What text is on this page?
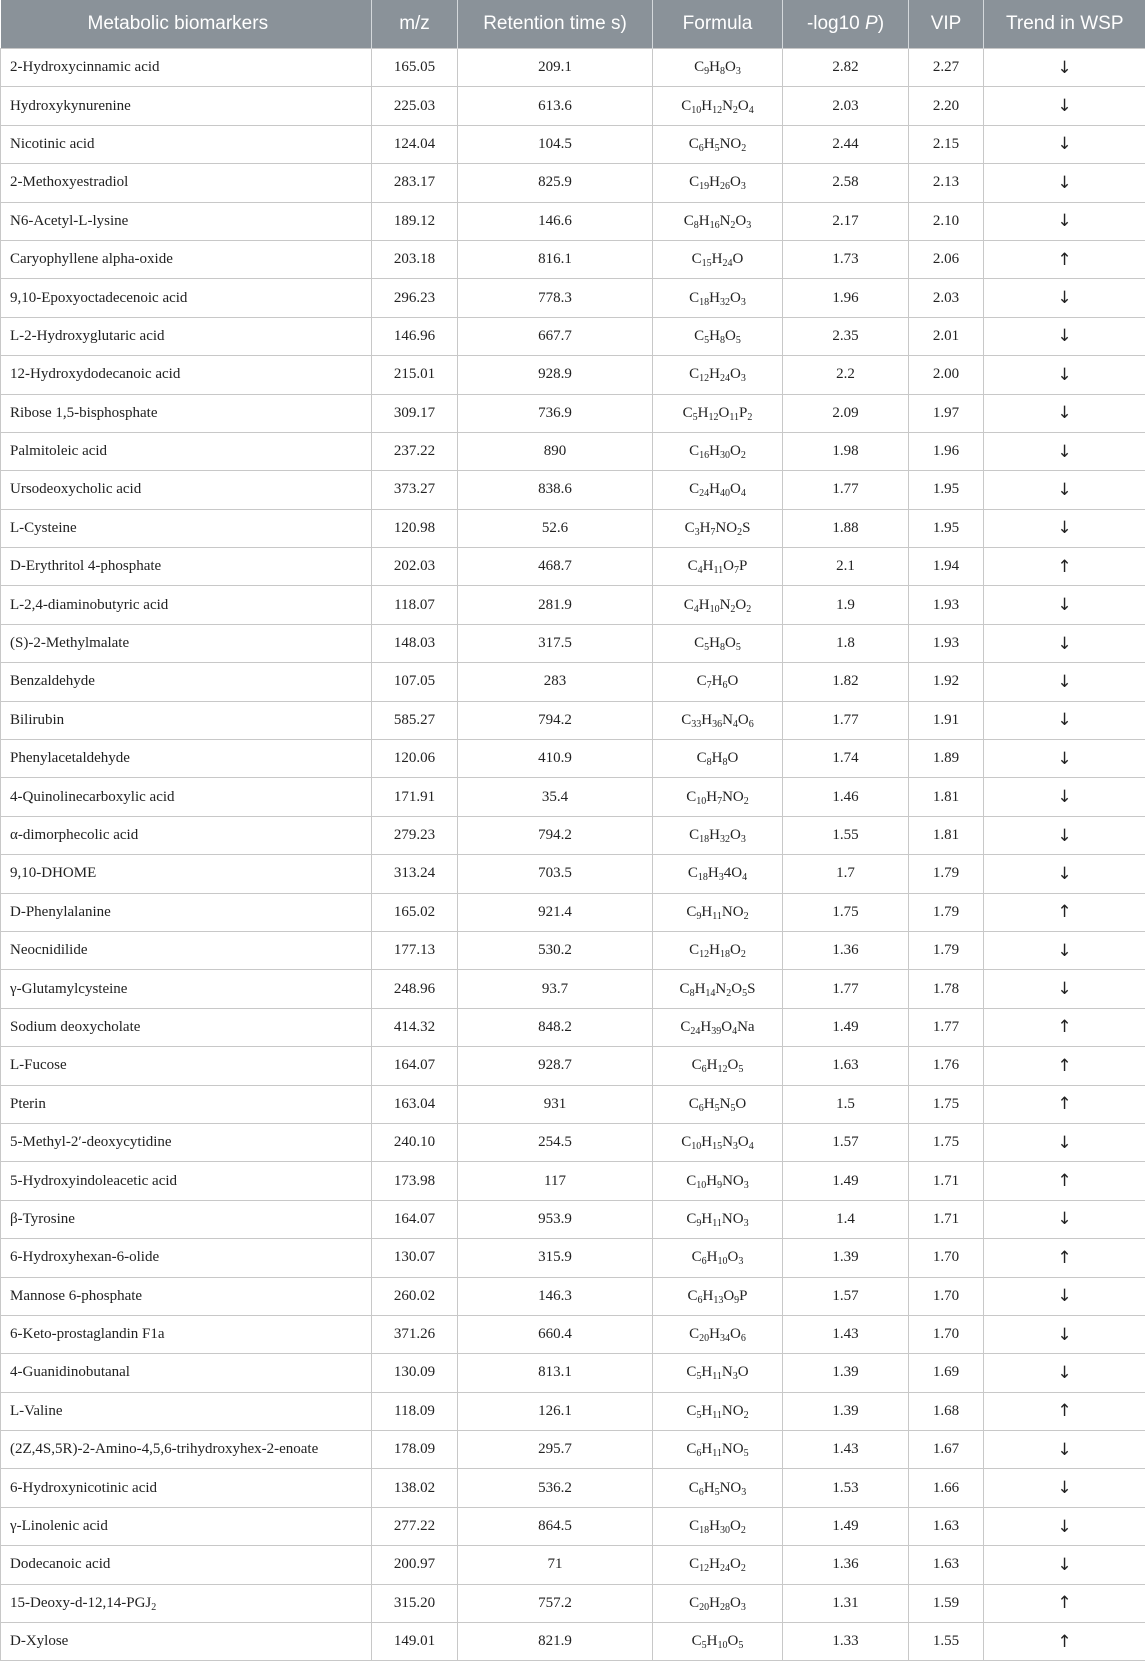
Metabolic biomarkers	m/z	Retention time s)	Formula	-log10 P)	VIP	Trend in WSP
2-Hydroxycinnamic acid	165.05	209.1	$C_9H_8O_3$	2.82	2.27	↓
Hydroxykynurenine	225.03	613.6	$C_{10}H_{12}N_2O_4$	2.03	2.20	↓
Nicotinic acid	124.04	104.5	$C_6H_5NO_2$	2.44	2.15	↓
2-Methoxyestradiol	283.17	825.9	$C_{19}H_{26}O_3$	2.58	2.13	↓
N6-Acetyl-L-lysine	189.12	146.6	$C_8H_{16}N_2O_3$	2.17	2.10	↓
Caryophyllene alpha-oxide	203.18	816.1	$C_{15}H_{24}O$	1.73	2.06	↑
9,10-Epoxyoctadecenoic acid	296.23	778.3	$C_{18}H_{32}O_3$	1.96	2.03	↓
L-2-Hydroxyglutaric acid	146.96	667.7	$C_5H_8O_5$	2.35	2.01	↓
12-Hydroxydodecanoic acid	215.01	928.9	$C_{12}H_{24}O_3$	2.2	2.00	↓
Ribose 1,5-bisphosphate	309.17	736.9	$C_5H_{12}O_{11}P_2$	2.09	1.97	↓
Palmitoleic acid	237.22	890	$C_{16}H_{30}O_2$	1.98	1.96	↓
Ursodeoxycholic acid	373.27	838.6	$C_{24}H_{40}O_4$	1.77	1.95	↓
L-Cysteine	120.98	52.6	$C_3H_7NO_2S$	1.88	1.95	↓
D-Erythritol 4-phosphate	202.03	468.7	$C_4H_{11}O_7P$	2.1	1.94	↑
L-2,4-diaminobutyric acid	118.07	281.9	$C_4H_{10}N_2O_2$	1.9	1.93	↓
(S)-2-Methylmalate	148.03	317.5	$C_5H_8O_5$	1.8	1.93	↓
Benzaldehyde	107.05	283	$C_7H_6O$	1.82	1.92	↓
Bilirubin	585.27	794.2	$C_{33}H_{36}N_4O_6$	1.77	1.91	↓
Phenylacetaldehyde	120.06	410.9	$C_8H_8O$	1.74	1.89	↓
4-Quinolinecarboxylic acid	171.91	35.4	$C_{10}H_7NO_2$	1.46	1.81	↓
α-dimorphecolic acid	279.23	794.2	$C_{18}H_{32}O_3$	1.55	1.81	↓
9,10-DHOME	313.24	703.5	$C_{18}H_34O_4$	1.7	1.79	↓
D-Phenylalanine	165.02	921.4	$C_9H_{11}NO_2$	1.75	1.79	↑
Neocnidilide	177.13	530.2	$C_{12}H_{18}O_2$	1.36	1.79	↓
γ-Glutamylcysteine	248.96	93.7	$C_8H_{14}N_2O_5S$	1.77	1.78	↓
Sodium deoxycholate	414.32	848.2	$C_{24}H_{39}O_4Na$	1.49	1.77	↑
L-Fucose	164.07	928.7	$C_6H_{12}O_5$	1.63	1.76	↑
Pterin	163.04	931	$C_6H_5N_5O$	1.5	1.75	↑
5-Methyl-2′-deoxycytidine	240.10	254.5	$C_{10}H_{15}N_3O_4$	1.57	1.75	↓
5-Hydroxyindoleacetic acid	173.98	117	$C_{10}H_9NO_3$	1.49	1.71	↑
β-Tyrosine	164.07	953.9	$C_9H_{11}NO_3$	1.4	1.71	↓
6-Hydroxyhexan-6-olide	130.07	315.9	$C_6H_{10}O_3$	1.39	1.70	↑
Mannose 6-phosphate	260.02	146.3	$C_6H_{13}O_9P$	1.57	1.70	↓
6-Keto-prostaglandin F1a	371.26	660.4	$C_{20}H_{34}O_6$	1.43	1.70	↓
4-Guanidinobutanal	130.09	813.1	$C_5H_{11}N_3O$	1.39	1.69	↓
L-Valine	118.09	126.1	$C_5H_{11}NO_2$	1.39	1.68	↑
(2Z,4S,5R)-2-Amino-4,5,6-trihydroxyhex-2-enoate	178.09	295.7	$C_6H_{11}NO_5$	1.43	1.67	↓
6-Hydroxynicotinic acid	138.02	536.2	$C_6H_5NO_3$	1.53	1.66	↓
γ-Linolenic acid	277.22	864.5	$C_{18}H_{30}O_2$	1.49	1.63	↓
Dodecanoic acid	200.97	71	$C_{12}H_{24}O_2$	1.36	1.63	↓
$15-Deoxy-d-12,14-PGJ_2$	315.20	757.2	$C_{20}H_{28}O_3$	1.31	1.59	↑
D-Xylose	149.01	821.9	$C_5H_{10}O_5$	1.33	1.55	↑
